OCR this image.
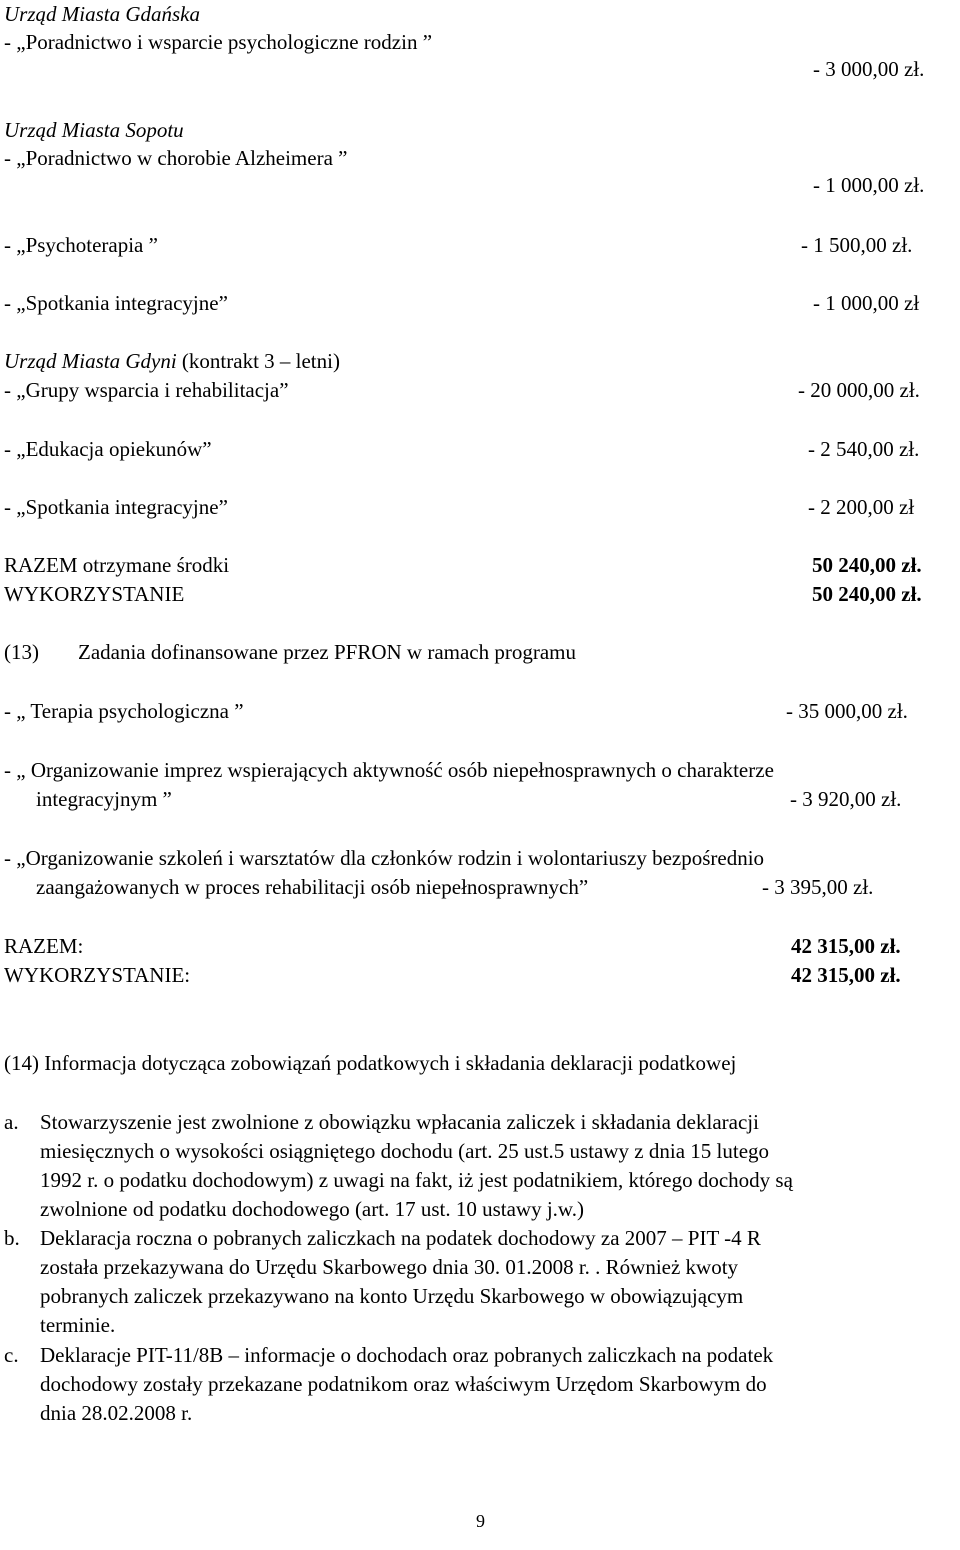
Urząd Miasta Gdańska
- „Poradnictwo i wsparcie psychologiczne rodzin ”
- 3 000,00 zł.
Urząd Miasta Sopotu
- „Poradnictwo w chorobie Alzheimera ”
- 1 000,00 zł.
- „Psychoterapia ”	- 1 500,00 zł.
- „Spotkania integracyjne”	- 1 000,00 zł
Urząd Miasta Gdyni (kontrakt 3 – letni)
- „Grupy wsparcia i rehabilitacja”	- 20 000,00 zł.
- „Edukacja opiekunów”	- 2 540,00 zł.
- „Spotkania integracyjne”	- 2 200,00 zł
RAZEM otrzymane środki	50 240,00 zł.
WYKORZYSTANIE	50 240,00 zł.
(13) Zadania dofinansowane przez PFRON w ramach programu
- „ Terapia psychologiczna ”	- 35 000,00 zł.
- „ Organizowanie imprez wspierających aktywność osób niepełnosprawnych o charakterze
integracyjnym ”	- 3 920,00 zł.
- „Organizowanie szkoleń i warsztatów dla członków rodzin i wolontariuszy bezpośrednio
zaangażowanych w proces rehabilitacji osób niepełnosprawnych”	- 3 395,00 zł.
RAZEM:	42 315,00 zł.
WYKORZYSTANIE:	42 315,00 zł.
(14) Informacja dotycząca zobowiązań podatkowych i składania deklaracji podatkowej
a. Stowarzyszenie jest zwolnione z obowiązku wpłacania zaliczek i składania deklaracji
miesięcznych o wysokości osiągniętego dochodu (art. 25 ust.5 ustawy z dnia 15 lutego
1992 r. o podatku dochodowym) z uwagi na fakt, iż jest podatnikiem, którego dochody są
zwolnione od podatku dochodowego (art. 17 ust. 10 ustawy j.w.)
b. Deklaracja roczna o pobranych zaliczkach na podatek dochodowy za 2007 – PIT -4 R
została przekazywana do Urzędu Skarbowego dnia 30. 01.2008 r. . Również kwoty
pobranych zaliczek przekazywano na konto Urzędu Skarbowego w obowiązującym
terminie.
c. Deklaracje PIT-11/8B – informacje o dochodach oraz pobranych zaliczkach na podatek
dochodowy zostały przekazane podatnikom oraz właściwym Urzędom Skarbowym do
dnia 28.02.2008 r.
9
